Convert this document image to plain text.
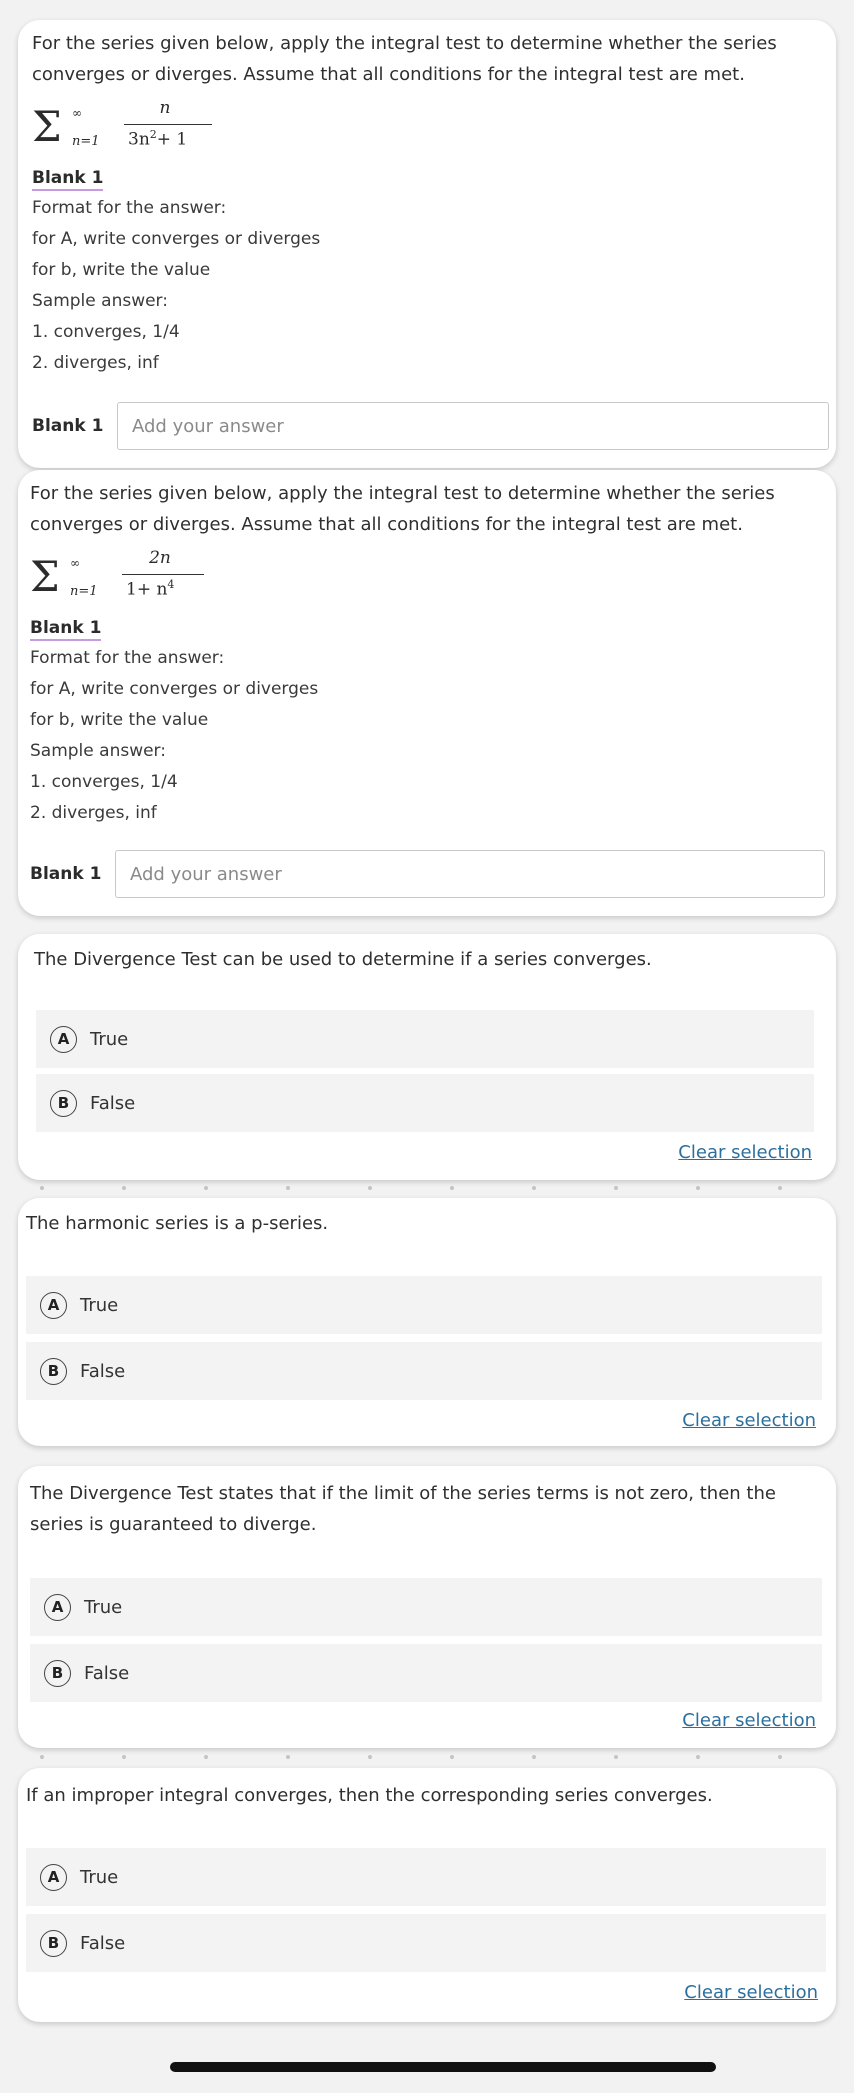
For the series given below, apply the integral test to determine whether the series converges or diverges. Assume that all conditions for the integral test are met.
Σ ∞
n=1
n
$3n^2+ 1$
Blank 1
Format for the answer:
for A, write converges or diverges
for b, write the value
Sample answer:
1. converges, 1/4
2. diverges, inf
Blank 1
Add your answer
For the series given below, apply the integral test to determine whether the series converges or diverges. Assume that all conditions for the integral test are met.
Σ ∞
n=1
2n
$1+ n^4$
Blank 1
Format for the answer:
for A, write converges or diverges
for b, write the value
Sample answer:
1. converges, 1/4
2. diverges, inf
Blank 1
Add your answer
The Divergence Test can be used to determine if a series converges.
A	True
B	False
Clear selection
The harmonic series is a p-series.
A	True
B	False
Clear selection
The Divergence Test states that if the limit of the series terms is not zero, then the series is guaranteed to diverge.
A	True
B	False
Clear selection
If an improper integral converges, then the corresponding series converges.
A	True
B	False
Clear selection
